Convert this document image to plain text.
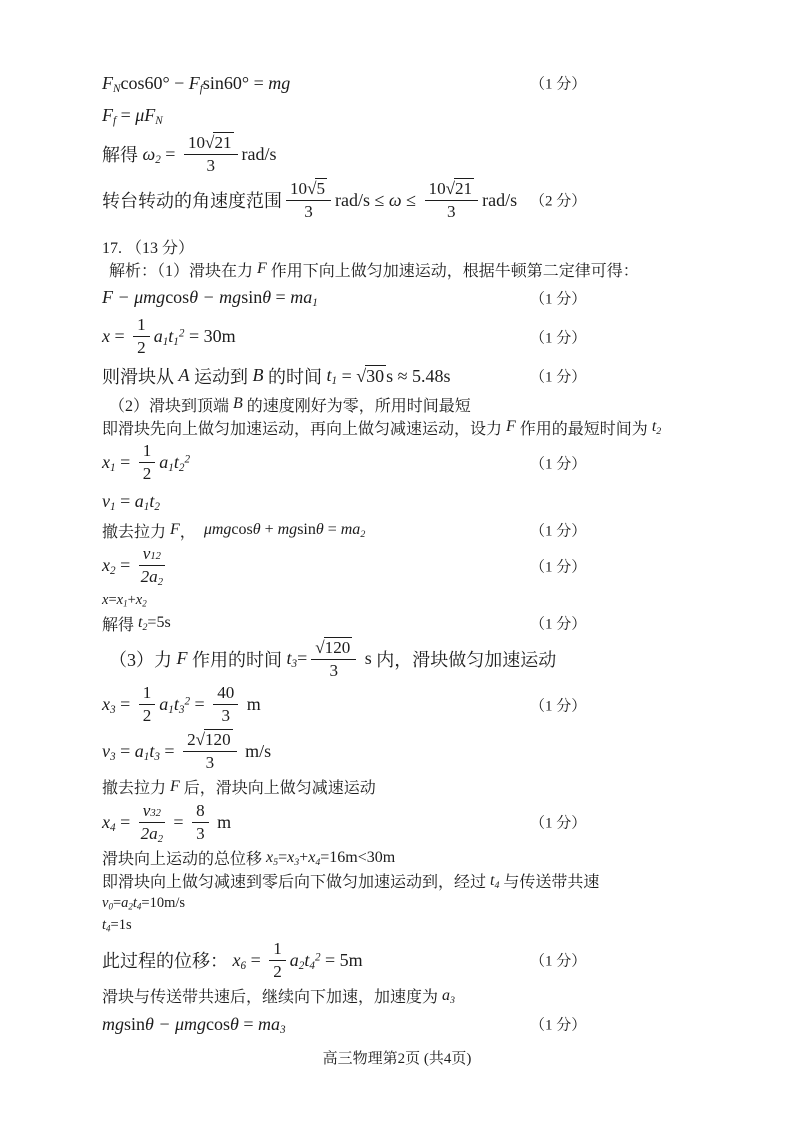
$F_N$ $\cos 60^\circ - F_f$ sin60° = mg	（1 分）
$F_f = \mu F_N$
解得 $\omega_2 = \frac{10 √ 21}{3} rad/s$
转台转动的角速度范围 $\frac{10 √ 5}{3} rad/s \le \omega \le \frac{10 √ 21}{3} rad/s$ （2 分）
17. （13 分）
解析：（1）滑块在力 F 作用下向上做匀加速运动，根据牛顿第二定律可得：
F − μmg cos θ − mg $\sin \theta = ma_1$	（1 分）
$x = \frac{1}{2} a_1t_1^2 = 30m$	（1 分）
则滑块从 A 运动到 B 的时间 $t_1$ = √ 30 s ≈ 5.48s	（1 分）
（2）滑块到顶端 B 的速度刚好为零，所用时间最短
即滑块先向上做匀加速运动，再向上做匀减速运动，设力 F 作用的最短时间为 $t_2$
$x_1 = \frac{1}{2} a_1t_2^2$	（1 分）
$v_1 = a_1t_2$
撤去拉力 F ， μmg cos θ + mg $\sin \theta = ma_2$	（1 分）
$x_2 = \frac{v 1 2}{2a_2}$	（1 分）
$x = x_1 + x_2$
解得 $t_2 =5s$	（1 分）
（3）力 F 作用的时间 $t_3 = \frac{√ 120}{3}$ s 内，滑块做匀加速运动
$x_3 = \frac{1}{2} a_1t_3^2 = \frac{40}{3}$ m	（1 分）
$v_3 = a_1t_3 = \frac{2 √ 120}{3} m/s$
撤去拉力 F 后，滑块向上做匀减速运动
$x_4 = \frac{v 3 2}{2a_2} = \frac{8}{3}$ m	（1 分）
滑块向上运动的总位移 $x_5 = x_3 + x_4 =16m<30m$
即滑块向上做匀减速到零后向下做匀加速运动到，经过 $t_4$ 与传送带共速
$v_0 = a_2t_4 =10m/s$
$t_4 =1s$
此过程的位移： $x_6 = \frac{1}{2} a_2t_4^2 = 5m$	（1 分）
滑块与传送带共速后，继续向下加速，加速度为 $a_3$
mg sin θ − μmg $\cos \theta = ma_3$	（1 分）
高三物理第2页 (共4页)
